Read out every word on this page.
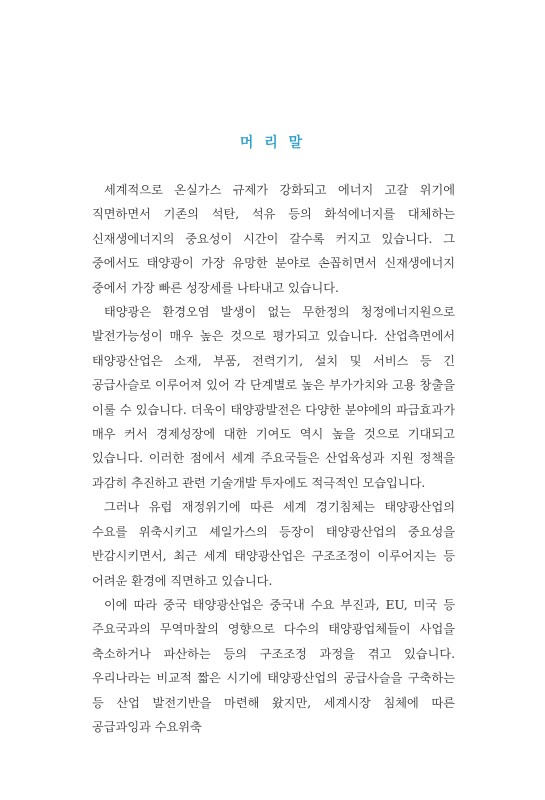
머 리 말

세계적으로 온실가스 규제가 강화되고 에너지 고갈 위기에 직면하면서 기존의 석탄, 석유 등의 화석에너지를 대체하는 신재생에너지의 중요성이 시간이 갈수록 커지고 있습니다. 그 중에서도 태양광이 가장 유망한 분야로 손꼽히면서 신재생에너지 중에서 가장 빠른 성장세를 나타내고 있습니다.

태양광은 환경오염 발생이 없는 무한정의 청정에너지원으로 발전가능성이 매우 높은 것으로 평가되고 있습니다. 산업측면에서 태양광산업은 소재, 부품, 전력기기, 설치 및 서비스 등 긴 공급사슬로 이루어져 있어 각 단계별로 높은 부가가치와 고용 창출을 이룰 수 있습니다. 더욱이 태양광발전은 다양한 분야에의 파급효과가 매우 커서 경제성장에 대한 기여도 역시 높을 것으로 기대되고 있습니다. 이러한 점에서 세계 주요국들은 산업육성과 지원 정책을 과감히 추진하고 관련 기술개발 투자에도 적극적인 모습입니다.

그러나 유럽 재정위기에 따른 세계 경기침체는 태양광산업의 수요를 위축시키고 셰일가스의 등장이 태양광산업의 중요성을 반감시키면서, 최근 세계 태양광산업은 구조조정이 이루어지는 등 어려운 환경에 직면하고 있습니다.

이에 따라 중국 태양광산업은 중국내 수요 부진과, EU, 미국 등 주요국과의 무역마찰의 영향으로 다수의 태양광업체들이 사업을 축소하거나 파산하는 등의 구조조정 과정을 겪고 있습니다. 우리나라는 비교적 짧은 시기에 태양광산업의 공급사슬을 구축하는 등 산업 발전기반을 마련해 왔지만, 세계시장 침체에 따른 공급과잉과 수요위축
